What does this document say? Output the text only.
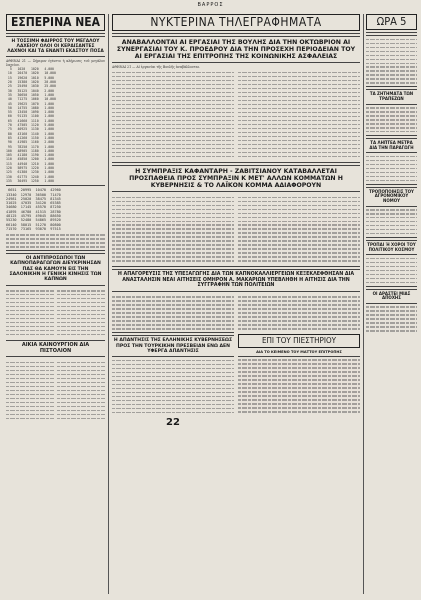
ΒΑΡΡΟΣ
ΕΣΠΕΡΙΝΑ ΝΕΑ
Η ΤΟΣΣΙΜΗ ΦΑΙΡΡΟΣ ΤΟΥ ΜΕΓΑΛΟΥ ΛΑΧΕΙΟΥ ΟΛΟΙ ΟΙ ΚΕΡΔΙΣΑΝΤΕΣ ΛΑΧΝΟΙ ΚΑΙ ΤΑ ΕΝΑΝΤΙ ΕΚΑΣΤΟΥ ΠΟΣΑ
ΑΘΗΝΑΙ 21 — Σήμερον ἐγένετο ἡ κλήρωσις τοῦ μεγάλου λαχείου.
5   1020   1020   4.000
10   20470  1020   10.000
15   19620  1010   5.000
20   15380  1020   20.000
25   25490  1030   25.000
30   35125  1040   2.000
35   30650  1050   1.000
40   71275  1060   10.000
45   19625  1070   1.000
50   14755  1080   1.000
55   13450  1090   1.000
60   91135  1100   1.000
65   41660  1110   1.000
70   47505  1120   5.000
75   40925  1130   1.000
80   43160  1140   1.000
85   41260  1150   1.000
90   41985  1160   2.000
95   78250  1170   1.000
100   48905  1180   1.000
105   41180  1190   1.000
110   45850  1200   1.000
115   44940  1210   1.000
120   58975  1220   1.000
125   61380  1230   1.000
130   61775  1240   1.000
135   30495  1250   1.000
6651  20995  10470  42960
13340  12970  36500  71470
24981  25020  38475  81345
31025  47035  34120  65385
34680  17145  45570  87250
41895  46780  41515  28780
48125  45795  49045  88650
55230  52480  54865  89520
66140  58015  51270  80800
71570  73165  93070  97515
ΟΙ ΑΝΤΙΠΡΟΣΩΠΟΙ ΤΩΝ ΚΑΠΝΟΠΑΡΑΓΩΓΩΝ ΔΙΕΥΚΡΙΝΗΣΑΝ ΠΑΣ ΘΑ ΚΑΜΟΥΝ ΕΙΣ ΤΗΝ ΣΑΛΟΝΙΚΗΝ Η ΓΕΝΙΚΗ ΚΙΝΗΣΙΣ ΤΩΝ ΚΑΠΝΩΝ
ΑΙΚΙΑ ΚΑΙΝΟΥΡΓΙΟΝ ΔΙΑ ΠΙΣΤΟΛΙΟΝ
ΝΥΚΤΕΡΙΝΑ ΤΗΛΕΓΡΑΦΗΜΑΤΑ
ΑΝΑΒΑΛΛΟΝΤΑΙ ΑΙ ΕΡΓΑΣΙΑΙ ΤΗΣ ΒΟΥΛΗΣ ΔΙΑ ΤΗΝ ΟΚΤΩΒΡΙΟΝ ΑΙ ΣΥΝΕΡΓΑΣΙΑΙ ΤΟΥ Κ. ΠΡΟΕΔΡΟΥ ΔΙΑ ΤΗΝ ΠΡΟΣΕΧΗ ΠΕΡΙΟΔΕΙΑΝ ΤΟΥ ΑΙ ΕΡΓΑΣΙΑΙ ΤΗΣ ΕΠΙΤΡΟΠΗΣ ΤΗΣ ΚΟΙΝΩΝΙΚΗΣ ΑΣΦΑΛΕΙΑΣ
ΑΘΗΝΑΙ 21 — Αἱ ἐργασίαι τῆς Βουλῆς ἀναβάλλονται.
Η ΣΥΜΠΡΑΞΙΣ ΚΑΦΑΝΤΑΡΗ - ΖΑΒΙΤΣΙΑΝΟΥ ΚΑΤΑΒΑΛΛΕΤΑΙ ΠΡΟΣΠΑΘΕΙΑ ΠΡΟΣ ΣΥΜΠΡΑΞΙΝ Κ ΜΕΤ' ΑΛΛΩΝ ΚΟΜΜΑΤΩΝ Η ΚΥΒΕΡΝΗΣΙΣ & ΤΟ ΛΑΪΚΟΝ ΚΟΜΜΑ ΑΔΙΑΦΟΡΟΥΝ
Η ΑΠΑΓΟΡΕΥΣΙΣ ΤΗΣ ΥΠΕΞΑΓΩΓΗΣ ΔΙΑ ΤΩΝ ΚΑΠΝΟΚΑΛΛΙΕΡΓΕΙΩΝ ΚΕΞΕΚΛΕΦΘΗΣΑΝ ΔΙΑ ΑΝΑΣΤΑΛΗΣΙΝ ΝΕΑΙ ΑΙΤΗΣΕΙΣ ΟΜΗΡΟΝ Α. ΜΑΚΑΡΙΩΝ ΥΠΕΒΛΗΘΗ Η ΑΙΤΗΣΙΣ ΔΙΑ ΤΗΝ ΣΥΓΓΡΑΦΗΝ ΤΩΝ ΠΟΛΙΤΕΙΩΝ
Η ΑΠΑΝΤΗΣΙΣ ΤΗΣ ΕΛΛΗΝΙΚΗΣ ΚΥΒΕΡΝΗΣΕΩΣ ΠΡΟΣ ΤΗΝ ΤΟΥΡΚΙΚΗΝ ΠΡΕΣΒΕΙΑΝ ΕΝΩ ΔΕΝ ΥΦΕΡΓΑ ΑΠΑΝΤΗΣΙΣ
22
ΕΠΙ ΤΟΥ ΠΙΕΣΤΗΡΙΟΥ
ΔΙΑ ΤΟ ΚΕΙΜΕΝΟ ΤΟΥ ΜΑΤΤΟΥ ΕΠΙΤΡΟΠΗΣ
ΩΡΑ 5
ΤΑ ΖΗΤΗΜΑΤΑ ΤΩΝ ΤΡΑΠΕΖΩΝ
ΤΑ ΛΗΠΤΕΑ ΜΕΤΡΑ ΔΙΑ ΤΗΝ ΠΑΡΑΓΩΓΗ
ΤΡΟΠΟΠΟΙΗΣΙΣ ΤΟΥ ΑΓΡΟΝΟΜΙΚΟΥ ΝΟΜΟΥ
ΤΡΟΠΑΙ Ή ΧΟΡΟΙ ΤΟΥ ΠΟΛΙΤΙΚΟΥ ΚΟΣΜΟΥ
ΟΙ ΔΡΑΣΤΕΙ ΜΙΑΣ ΑΠΟΧΗΣ
